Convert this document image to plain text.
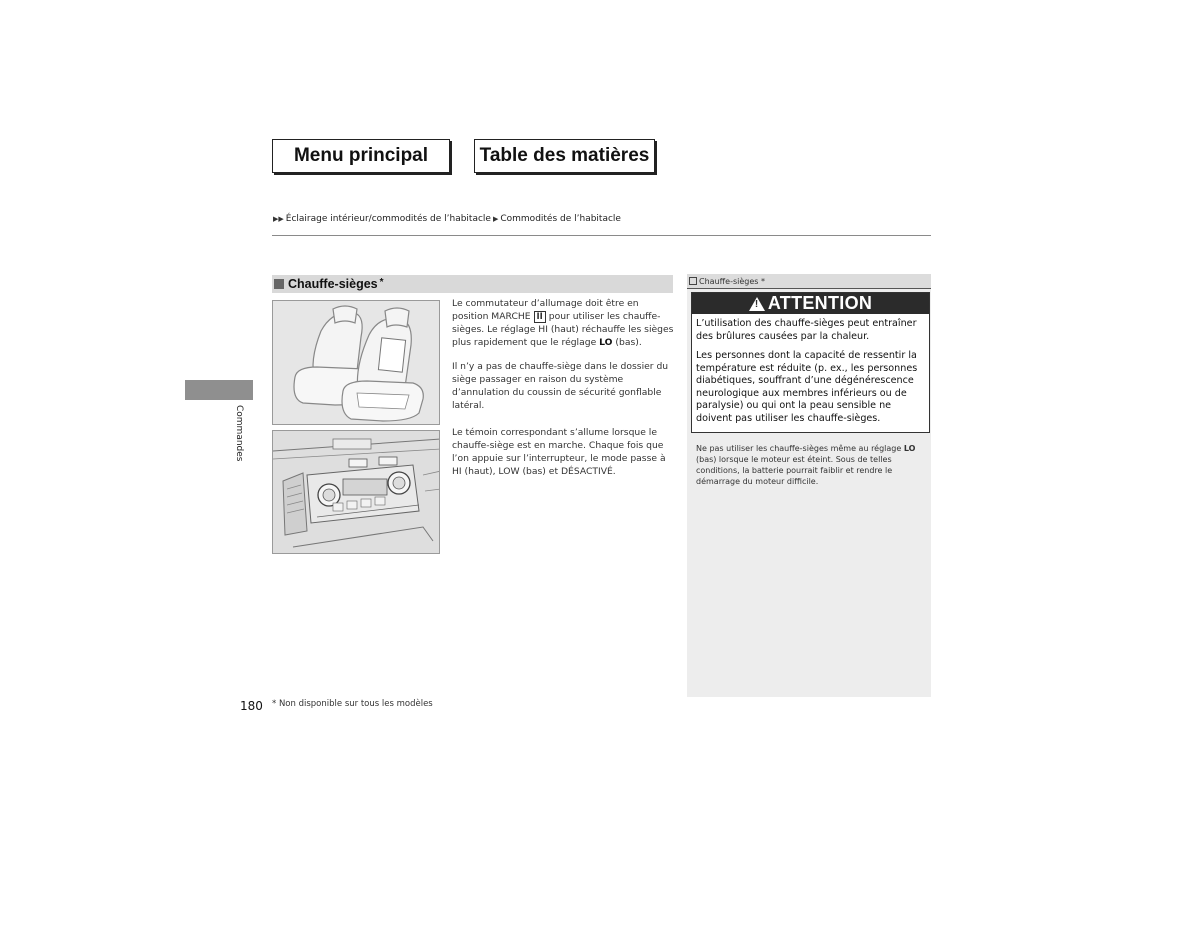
Menu principal	Table des matières
▶▶ Éclairage intérieur/commodités de l’habitacle ▶ Commodités de l’habitacle
Commandes
Chauffe-sièges *
Le commutateur d’allumage doit être en position MARCHE II pour utiliser les chauffe-sièges. Le réglage HI (haut) réchauffe les sièges plus rapidement que le réglage LO (bas).
Il n’y a pas de chauffe-siège dans le dossier du siège passager en raison du système d’annulation du coussin de sécurité gonflable latéral.
Le témoin correspondant s’allume lorsque le chauffe-siège est en marche. Chaque fois que l’on appuie sur l’interrupteur, le mode passe à HI (haut), LOW (bas) et DÉSACTIVÉ.
Chauffe-sièges *
!
ATTENTION
L’utilisation des chauffe-sièges peut entraîner des brûlures causées par la chaleur.
Les personnes dont la capacité de ressentir la température est réduite (p. ex., les personnes diabétiques, souffrant d’une dégénérescence neurologique aux membres inférieurs ou de paralysie) ou qui ont la peau sensible ne doivent pas utiliser les chauffe-sièges.
Ne pas utiliser les chauffe-sièges même au réglage LO (bas) lorsque le moteur est éteint. Sous de telles conditions, la batterie pourrait faiblir et rendre le démarrage du moteur difficile.
180 * Non disponible sur tous les modèles
